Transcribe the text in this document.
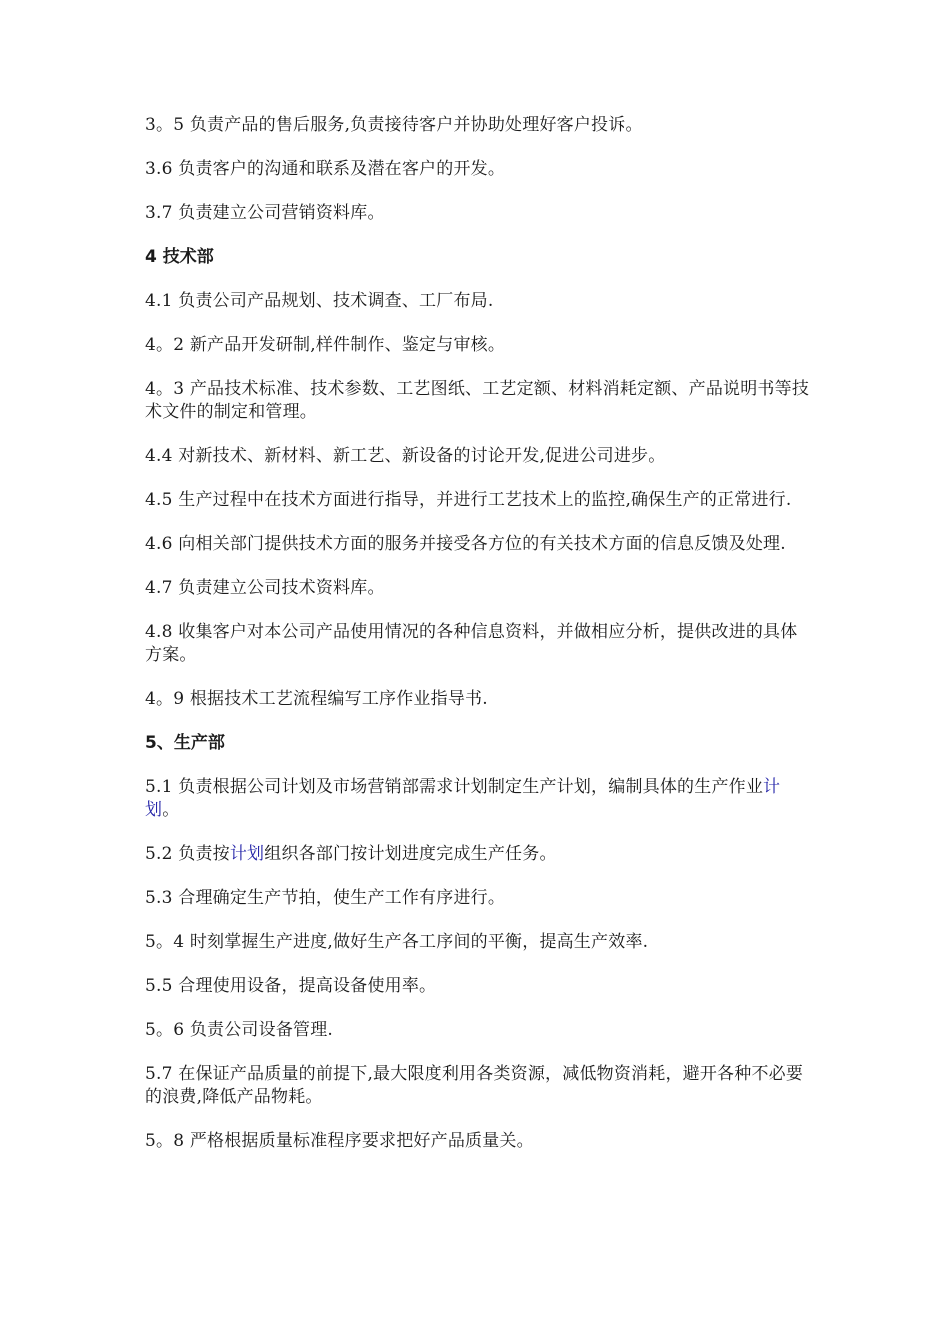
3。5 负责产品的售后服务,负责接待客户并协助处理好客户投诉。

3.6 负责客户的沟通和联系及潜在客户的开发。

3.7 负责建立公司营销资料库。

4 技术部

4.1 负责公司产品规划、技术调查、工厂布局.

4。2 新产品开发研制,样件制作、鉴定与审核。

4。3 产品技术标准、技术参数、工艺图纸、工艺定额、材料消耗定额、产品说明书等技术文件的制定和管理。

4.4 对新技术、新材料、新工艺、新设备的讨论开发,促进公司进步。

4.5 生产过程中在技术方面进行指导，并进行工艺技术上的监控,确保生产的正常进行.

4.6 向相关部门提供技术方面的服务并接受各方位的有关技术方面的信息反馈及处理.

4.7 负责建立公司技术资料库。

4.8 收集客户对本公司产品使用情况的各种信息资料，并做相应分析，提供改进的具体方案。

4。9 根据技术工艺流程编写工序作业指导书.

5、生产部

5.1 负责根据公司计划及市场营销部需求计划制定生产计划，编制具体的生产作业计划。

5.2 负责按计划组织各部门按计划进度完成生产任务。

5.3 合理确定生产节拍，使生产工作有序进行。

5。4 时刻掌握生产进度,做好生产各工序间的平衡，提高生产效率.

5.5 合理使用设备，提高设备使用率。

5。6 负责公司设备管理.

5.7 在保证产品质量的前提下,最大限度利用各类资源，减低物资消耗，避开各种不必要的浪费,降低产品物耗。

5。8 严格根据质量标准程序要求把好产品质量关。
